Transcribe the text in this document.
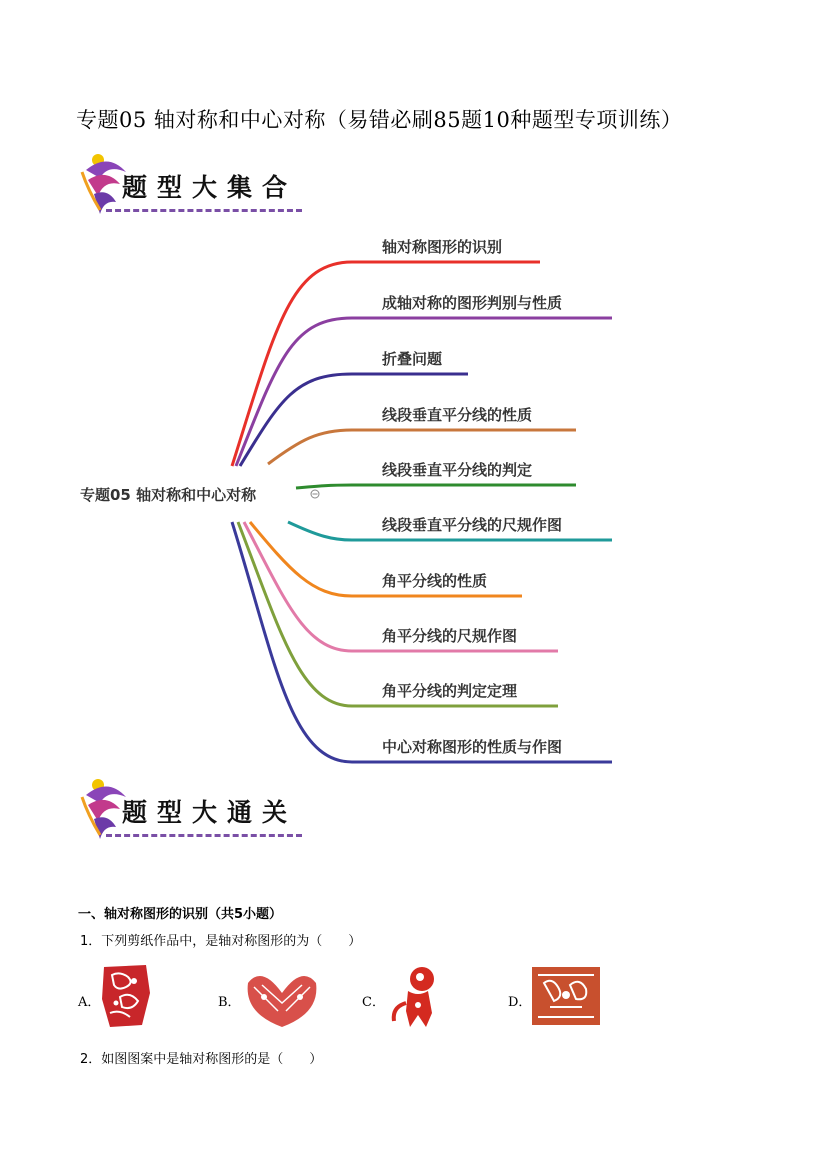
专题05 轴对称和中心对称（易错必刷85题10种题型专项训练）
题型大集合
专题05 轴对称和中心对称
轴对称图形的识别
成轴对称的图形判别与性质
折叠问题
线段垂直平分线的性质
线段垂直平分线的判定
线段垂直平分线的尺规作图
角平分线的性质
角平分线的尺规作图
角平分线的判定定理
中心对称图形的性质与作图
题型大通关
一、轴对称图形的识别（共5小题）
1．下列剪纸作品中，是轴对称图形的为（　　）
A．	B．	C．	D．
2．如图图案中是轴对称图形的是（　　）
